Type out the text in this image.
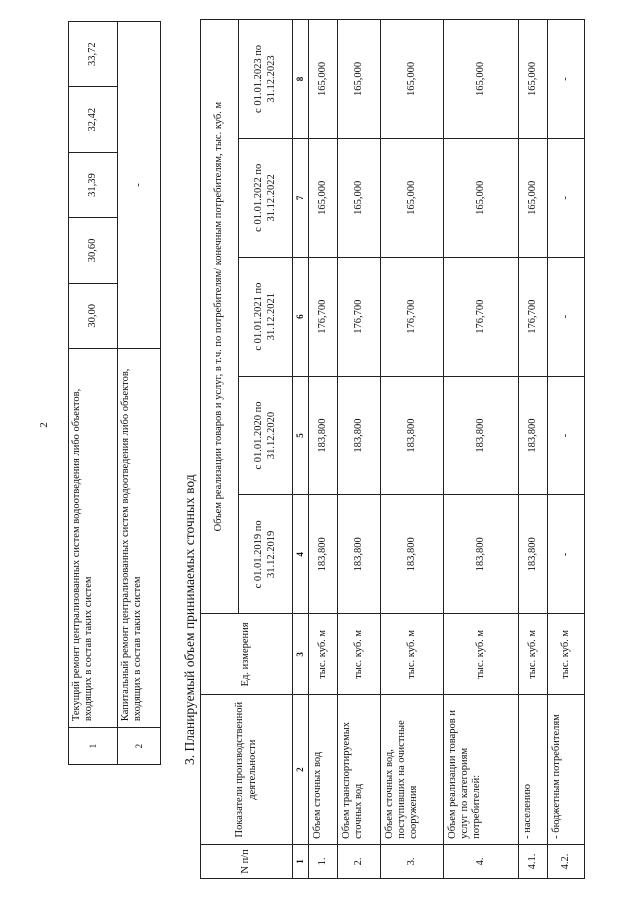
2
1	Текущий ремонт централизованных систем водоотведения либо объектов, входящих в состав таких систем	30,00	30,60	31,39	32,42	33,72
2	Капитальный ремонт централизованных систем водоотведения либо объектов, входящих в состав таких систем	-				
3. Планируемый объем принимаемых сточных вод
N п/п	Показатели производственной деятельности	Ед. измерения	Объем реализации товаров и услуг, в т.ч. по потребителям/ конечным потребителям, тыс. куб. м				
			с 01.01.2019 по 31.12.2019	с 01.01.2020 по 31.12.2020	с 01.01.2021 по 31.12.2021	с 01.01.2022 по 31.12.2022	с 01.01.2023 по 31.12.2023
1	2	3	4	5	6	7	8
1.	Объем сточных вод	тыс. куб. м	183,800	183,800	176,700	165,000	165,000
2.	Объем транспортируемых сточных вод	тыс. куб. м	183,800	183,800	176,700	165,000	165,000
3.	Объем сточных вод, поступивших на очистные сооружения	тыс. куб. м	183,800	183,800	176,700	165,000	165,000
4.	Объем реализации товаров и услуг по категориям потребителей:	тыс. куб. м	183,800	183,800	176,700	165,000	165,000
4.1.	- населению	тыс. куб. м	183,800	183,800	176,700	165,000	165,000
4.2.	- бюджетным потребителям	тыс. куб. м	-	-	-	-	-
